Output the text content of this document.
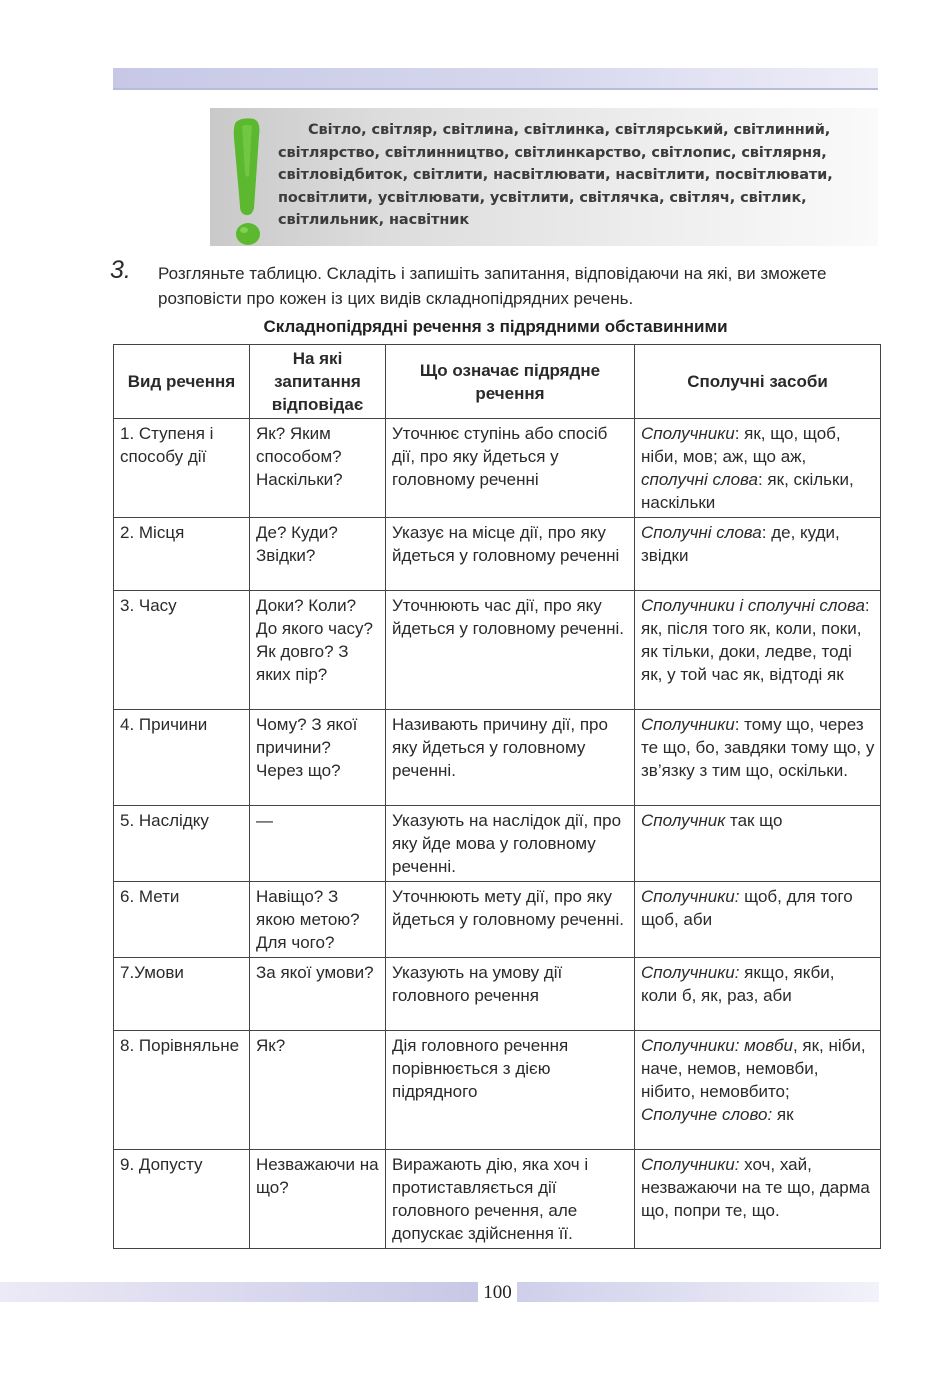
Світло, світляр, світлина, світлинка, світлярський, світлинний, світлярство, світлинництво, світлинкарство, світлопис, світлярня, світловідбиток, світлити, насвітлювати, насвітлити, посвітлювати, посвітлити, усвітлювати, усвітлити, світлячка, світляч, світлик, світлильник, насвітник
3. Розгляньте таблицю. Складіть і запишіть запитання, відповідаючи на які, ви зможете розповісти про кожен із цих видів складнопідрядних речень.
Складнопідрядні речення з підрядними обставинними
Вид речення	На які запитання відповідає	Що означає підрядне речення	Сполучні засоби
1. Ступеня і способу дії	Як? Яким способом? Наскільки?	Уточнює ступінь або спосіб дії, про яку йдеться у головному реченні	Сполучники: як, що, щоб, ніби, мов; аж, що аж, сполучні слова: як, скільки, наскільки
2. Місця	Де? Куди? Звідки?	Указує на місце дії, про яку йдеться у головному реченні	Сполучні слова: де, куди, звідки
3. Часу	Доки? Коли? До якого часу? Як довго? З яких пір?	Уточнюють час дії, про яку йдеться у головному реченні.	Сполучники і сполучні слова: як, після того як, коли, поки, як тільки, доки, ледве, тоді як, у той час як, відтоді як
4. Причини	Чому? З якої причини? Через що?	Називають причину дії, про яку йдеться у головному реченні.	Сполучники: тому що, через те що, бо, завдяки тому що, у зв’язку з тим що, оскільки.
5. Наслідку	—	Указують на наслідок дії, про яку йде мова у головному реченні.	Сполучник так що
6. Мети	Навіщо? З якою метою? Для чого?	Уточнюють мету дії, про яку йдеться у головному реченні.	Сполучники: щоб, для того щоб, аби
7.Умови	За якої умови?	Указують на умову дії головного речення	Сполучники: якщо, якби, коли б, як, раз, аби
8. Порівняльне	Як?	Дія головного речення порівнюється з дією підрядного	Сполучники: мовби, як, ніби, наче, немов, немовби, нібито, немовбито;
Сполучне слово: як
9. Допусту	Незважаючи на що?	Виражають дію, яка хоч і протиставляється дії головного речення, але допускає здійснення її.	Сполучники: хоч, хай, незважаючи на те що, дарма що, попри те, що.
100
